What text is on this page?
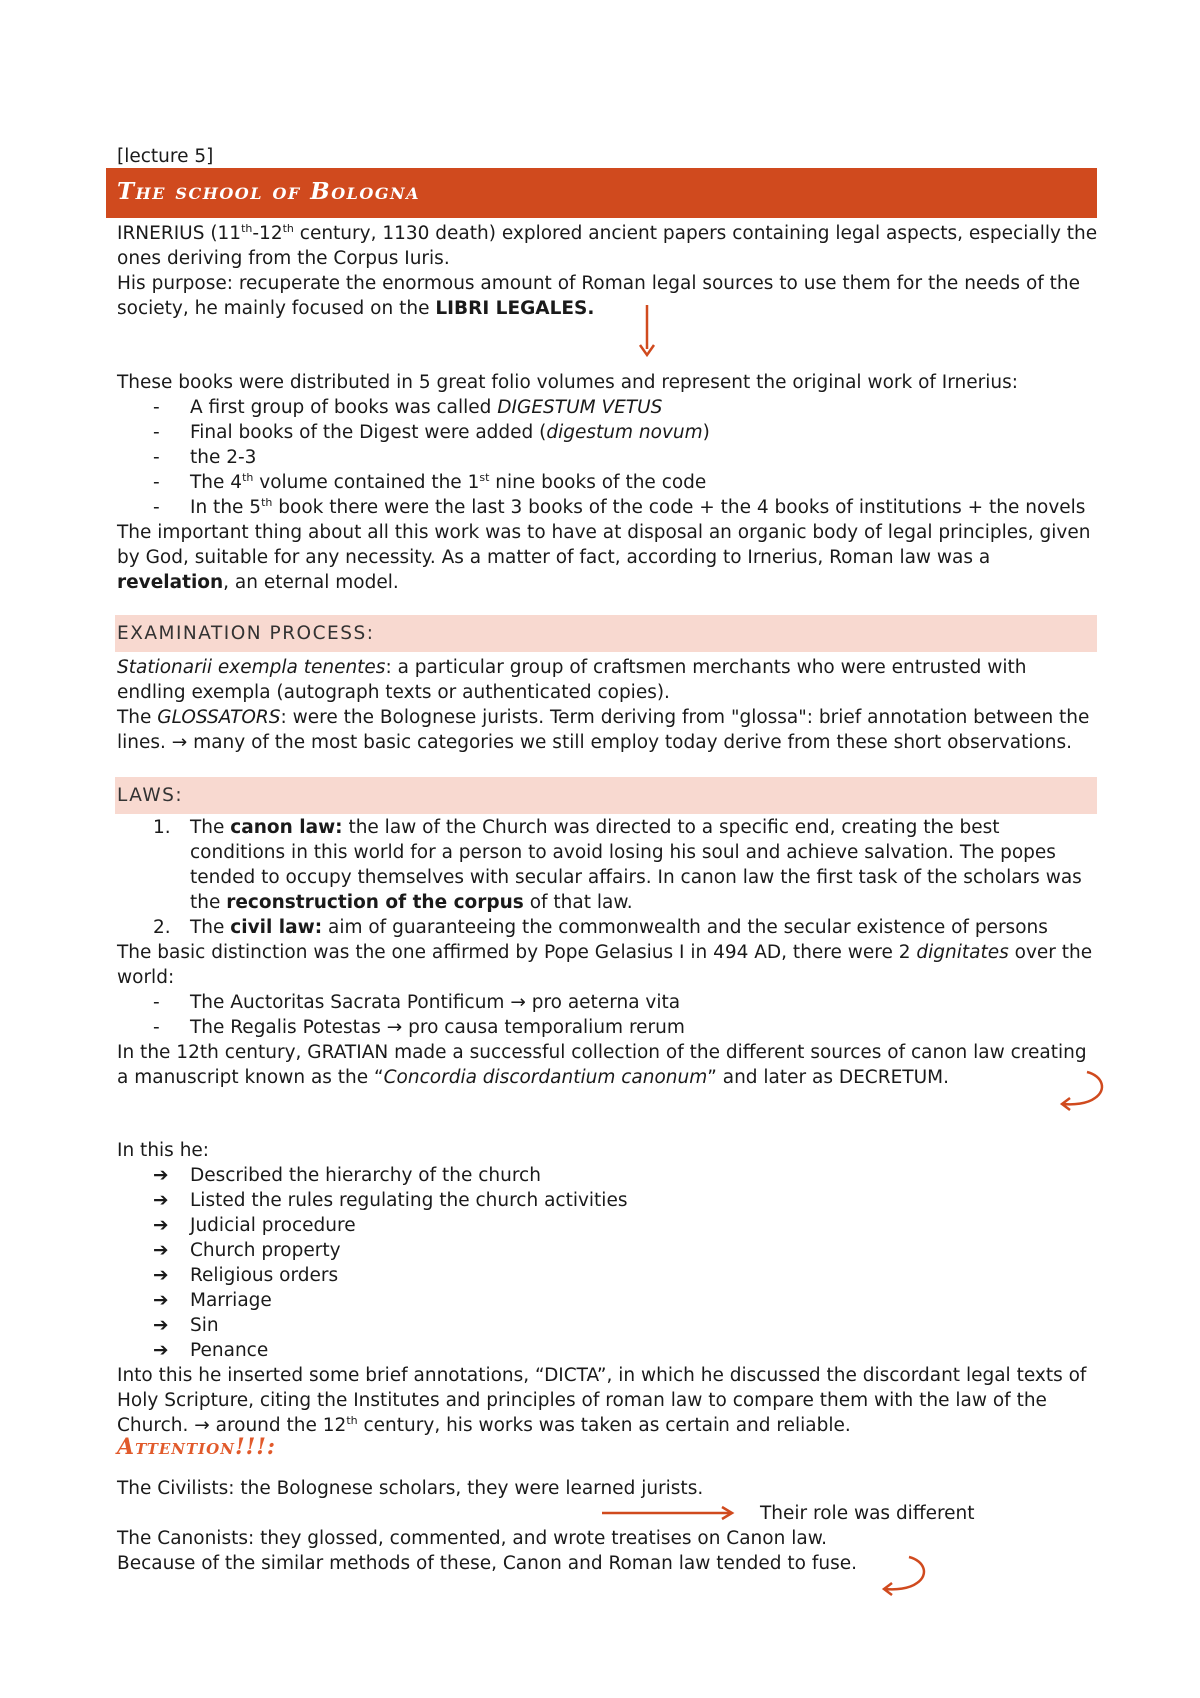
[lecture 5]
The school of Bologna

IRNERIUS (11th-12th century, 1130 death) explored ancient papers containing legal aspects, especially the ones deriving from the Corpus Iuris.

His purpose: recuperate the enormous amount of Roman legal sources to use them for the needs of the society, he mainly focused on the LIBRI LEGALES.

These books were distributed in 5 great folio volumes and represent the original work of Irnerius:

- A first group of books was called DIGESTUM VETUS
- Final books of the Digest were added (digestum novum)
- the 2-3
- The 4th volume contained the 1st nine books of the code
- In the 5th book there were the last 3 books of the code + the 4 books of institutions + the novels

The important thing about all this work was to have at disposal an organic body of legal principles, given by God, suitable for any necessity. As a matter of fact, according to Irnerius, Roman law was a revelation, an eternal model.

EXAMINATION PROCESS:

Stationarii exempla tenentes: a particular group of craftsmen merchants who were entrusted with endling exempla (autograph texts or authenticated copies).

The GLOSSATORS: were the Bolognese jurists. Term deriving from "glossa": brief annotation between the lines. → many of the most basic categories we still employ today derive from these short observations.

LAWS:
1. The canon law: the law of the Church was directed to a specific end, creating the best conditions in this world for a person to avoid losing his soul and achieve salvation. The popes tended to occupy themselves with secular affairs. In canon law the first task of the scholars was the reconstruction of the corpus of that law.
2. The civil law: aim of guaranteeing the commonwealth and the secular existence of persons

The basic distinction was the one affirmed by Pope Gelasius I in 494 AD, there were 2 dignitates over the world:

- The Auctoritas Sacrata Pontificum → pro aeterna vita
- The Regalis Potestas → pro causa temporalium rerum

In the 12th century, GRATIAN made a successful collection of the different sources of canon law creating a manuscript known as the “Concordia discordantium canonum” and later as DECRETUM.

In this he:

➔ Described the hierarchy of the church
➔ Listed the rules regulating the church activities
➔ Judicial procedure
➔ Church property
➔ Religious orders
➔ Marriage
➔ Sin
➔ Penance

Into this he inserted some brief annotations, “DICTA”, in which he discussed the discordant legal texts of Holy Scripture, citing the Institutes and principles of roman law to compare them with the law of the Church. → around the 12th century, his works was taken as certain and reliable.

Attention!!!:
The Civilists: the Bolognese scholars, they were learned jurists.
Their role was different
The Canonists: they glossed, commented, and wrote treatises on Canon law.
Because of the similar methods of these, Canon and Roman law tended to fuse.
